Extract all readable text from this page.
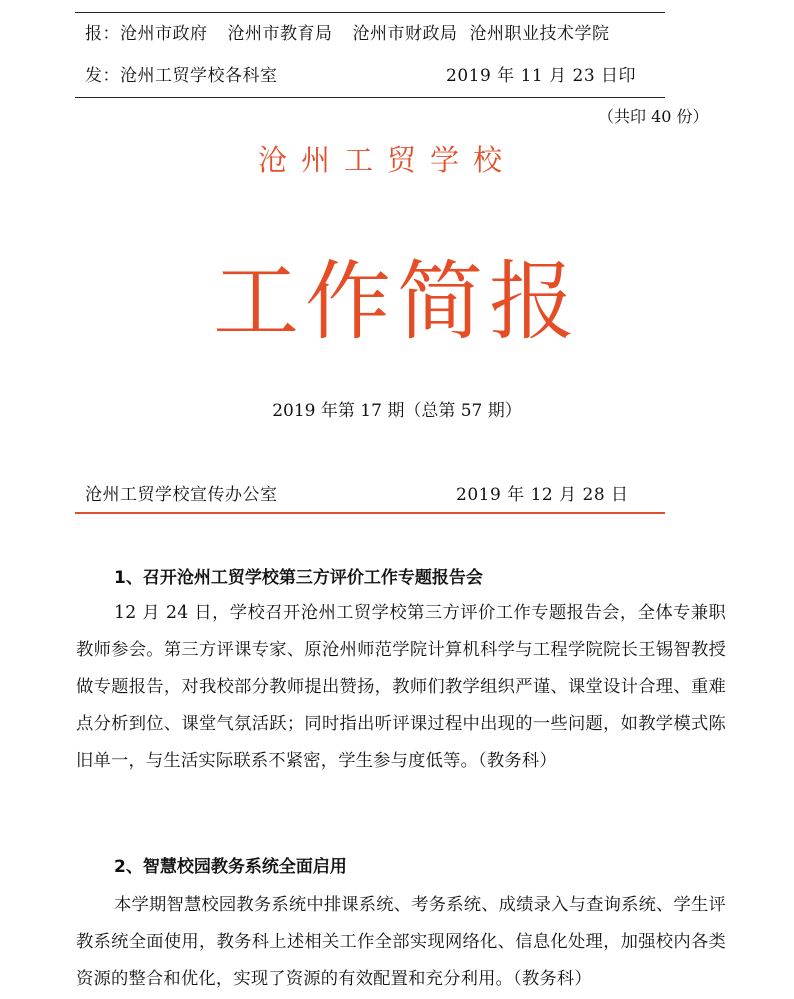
报：沧州市政府 沧州市教育局 沧州市财政局 沧州职业技术学院
发：沧州工贸学校各科室	2019 年 11 月 23 日印
（共印 40 份）
沧州工贸学校
工作简报
2019 年第 17 期（总第 57 期）
沧州工贸学校宣传办公室	2019 年 12 月 28 日
1、召开沧州工贸学校第三方评价工作专题报告会
12 月 24 日，学校召开沧州工贸学校第三方评价工作专题报告会，全体专兼职教师参会。第三方评课专家、原沧州师范学院计算机科学与工程学院院长王锡智教授做专题报告，对我校部分教师提出赞扬，教师们教学组织严谨、课堂设计合理、重难点分析到位、课堂气氛活跃；同时指出听评课过程中出现的一些问题，如教学模式陈旧单一，与生活实际联系不紧密，学生参与度低等。（教务科）
2、智慧校园教务系统全面启用
本学期智慧校园教务系统中排课系统、考务系统、成绩录入与查询系统、学生评教系统全面使用，教务科上述相关工作全部实现网络化、信息化处理，加强校内各类资源的整合和优化，实现了资源的有效配置和充分利用。（教务科）
